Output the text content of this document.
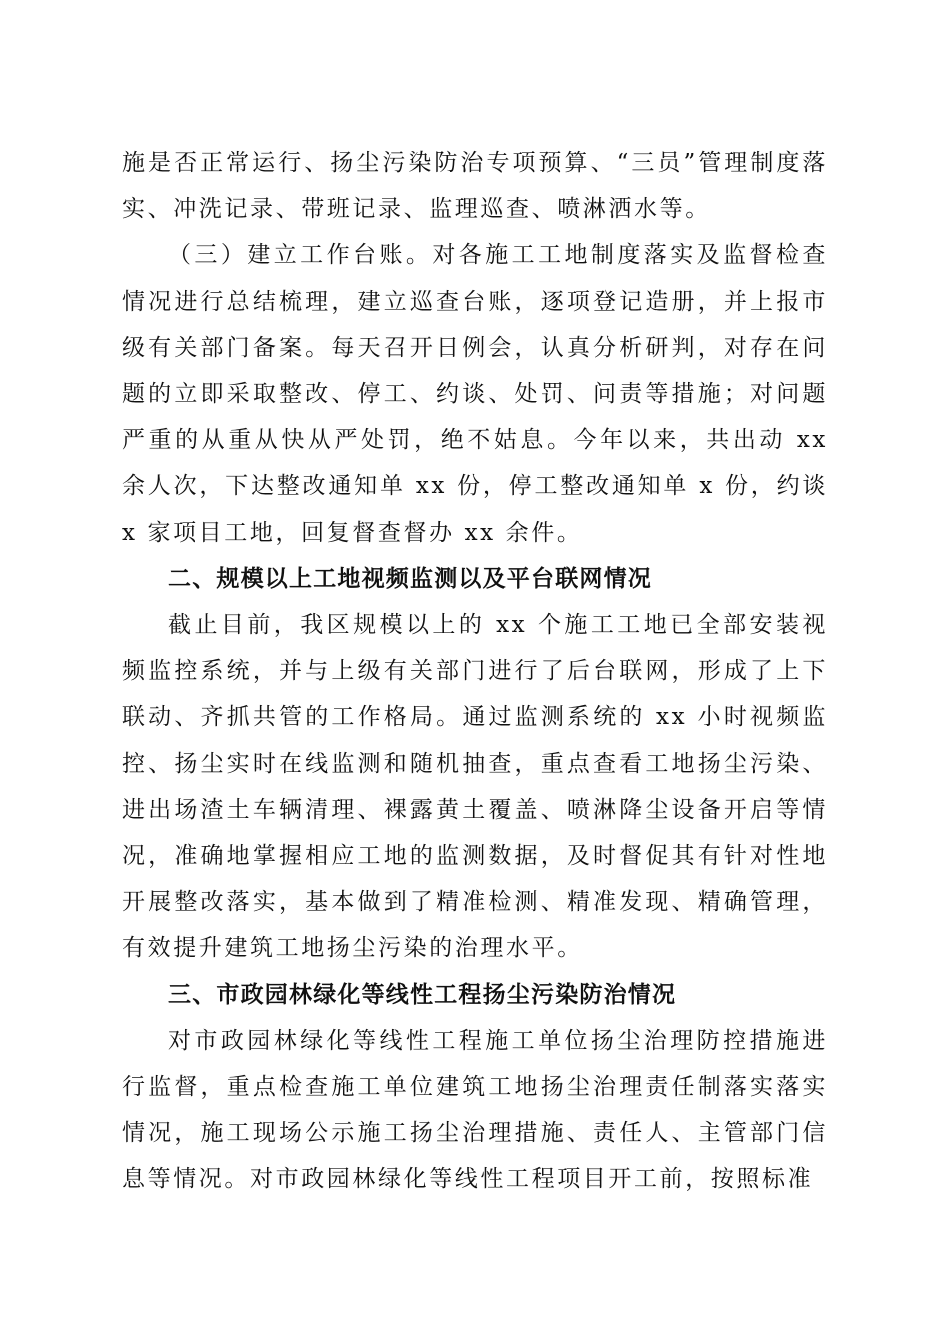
施是否正常运行、扬尘污染防治专项预算、“三员”管理制度落实、冲洗记录、带班记录、监理巡查、喷淋洒水等。

（三）建立工作台账。对各施工工地制度落实及监督检查情况进行总结梳理，建立巡查台账，逐项登记造册，并上报市级有关部门备案。每天召开日例会，认真分析研判，对存在问题的立即采取整改、停工、约谈、处罚、问责等措施；对问题严重的从重从快从严处罚，绝不姑息。今年以来，共出动 xx 余人次，下达整改通知单 xx 份，停工整改通知单 x 份，约谈 x 家项目工地，回复督查督办 xx 余件。

二、规模以上工地视频监测以及平台联网情况

截止目前，我区规模以上的 xx 个施工工地已全部安装视频监控系统，并与上级有关部门进行了后台联网，形成了上下联动、齐抓共管的工作格局。通过监测系统的 xx 小时视频监控、扬尘实时在线监测和随机抽查，重点查看工地扬尘污染、进出场渣土车辆清理、裸露黄土覆盖、喷淋降尘设备开启等情况，准确地掌握相应工地的监测数据，及时督促其有针对性地开展整改落实，基本做到了精准检测、精准发现、精确管理，有效提升建筑工地扬尘污染的治理水平。

三、市政园林绿化等线性工程扬尘污染防治情况

对市政园林绿化等线性工程施工单位扬尘治理防控措施进行监督，重点检查施工单位建筑工地扬尘治理责任制落实落实情况，施工现场公示施工扬尘治理措施、责任人、主管部门信息等情况。对市政园林绿化等线性工程项目开工前，按照标准
